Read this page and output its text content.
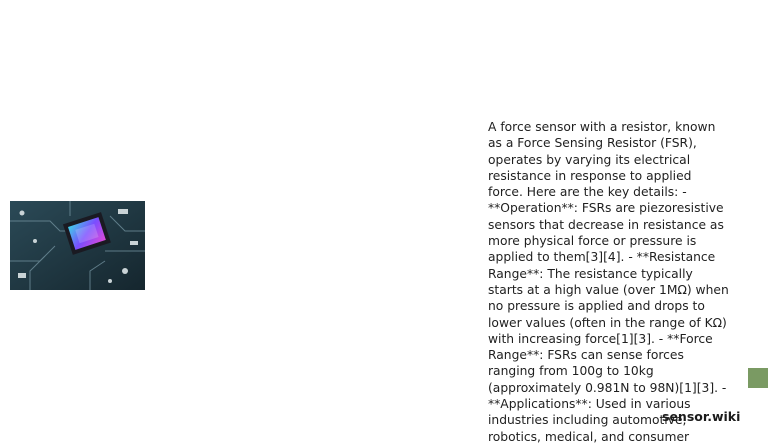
A force sensor with a resistor, known as a Force Sensing Resistor (FSR), operates by varying its electrical resistance in response to applied force. Here are the key details: - **Operation**: FSRs are piezoresistive sensors that decrease in resistance as more physical force or pressure is applied to them[3][4]. - **Resistance Range**: The resistance typically starts at a high value (over 1MΩ) when no pressure is applied and drops to lower values (often in the range of KΩ) with increasing force[1][3]. - **Force Range**: FSRs can sense forces ranging from 100g to 10kg (approximately 0.981N to 98N)[1][3]. - **Applications**: Used in various industries including automotive, robotics, medical, and consumer
sensor.wiki
